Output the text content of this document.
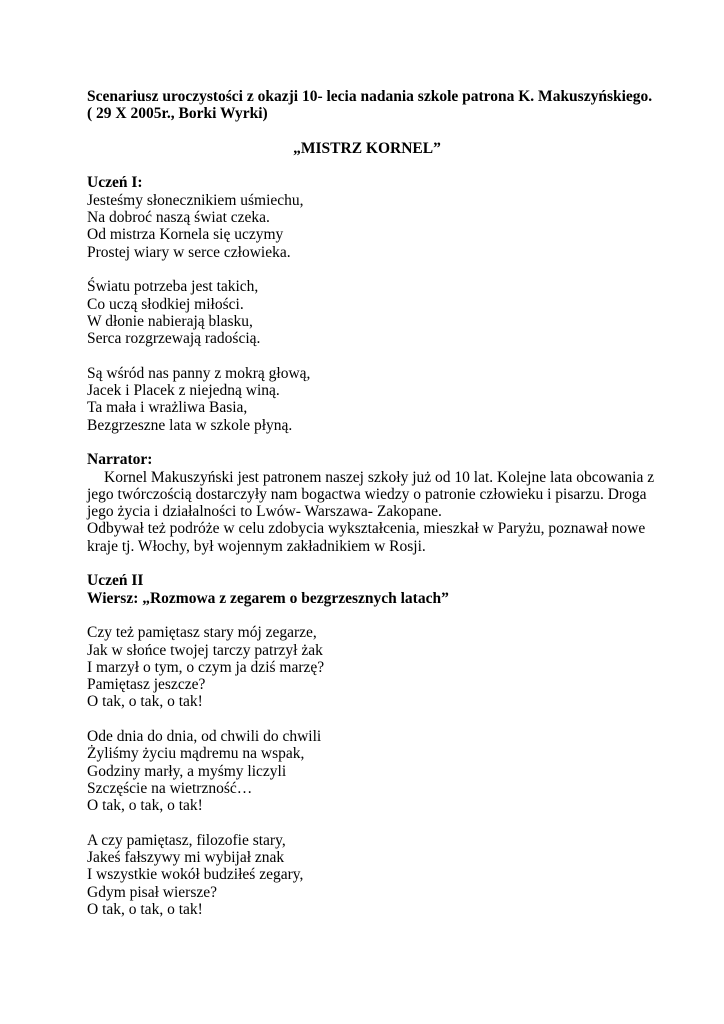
Scenariusz uroczystości z okazji 10- lecia nadania szkole patrona K. Makuszyńskiego.
( 29 X 2005r., Borki Wyrki)
„MISTRZ KORNEL”
Uczeń I:
Jesteśmy słonecznikiem uśmiechu,
Na dobroć naszą świat czeka.
Od mistrza Kornela się uczymy
Prostej wiary w serce człowieka.
Światu potrzeba jest takich,
Co uczą słodkiej miłości.
W dłonie nabierają blasku,
Serca rozgrzewają radością.
Są wśród nas panny z mokrą głową,
Jacek i Placek z niejedną winą.
Ta mała i wrażliwa Basia,
Bezgrzeszne lata w szkole płyną.
Narrator:
Kornel Makuszyński jest patronem naszej szkoły już od 10 lat. Kolejne lata obcowania z
jego twórczością dostarczyły nam bogactwa wiedzy o patronie człowieku i pisarzu. Droga
jego życia i działalności to Lwów- Warszawa- Zakopane.
Odbywał też podróże w celu zdobycia wykształcenia, mieszkał w Paryżu, poznawał nowe
kraje tj. Włochy, był wojennym zakładnikiem w Rosji.
Uczeń II
Wiersz: „Rozmowa z zegarem o bezgrzesznych latach”
Czy też pamiętasz stary mój zegarze,
Jak w słońce twojej tarczy patrzył żak
I marzył o tym, o czym ja dziś marzę?
Pamiętasz jeszcze?
O tak, o tak, o tak!
Ode dnia do dnia, od chwili do chwili
Żyliśmy życiu mądremu na wspak,
Godziny marły, a myśmy liczyli
Szczęście na wietrzność…
O tak, o tak, o tak!
A czy pamiętasz, filozofie stary,
Jakeś fałszywy mi wybijał znak
I wszystkie wokół budziłeś zegary,
Gdym pisał wiersze?
O tak, o tak, o tak!
